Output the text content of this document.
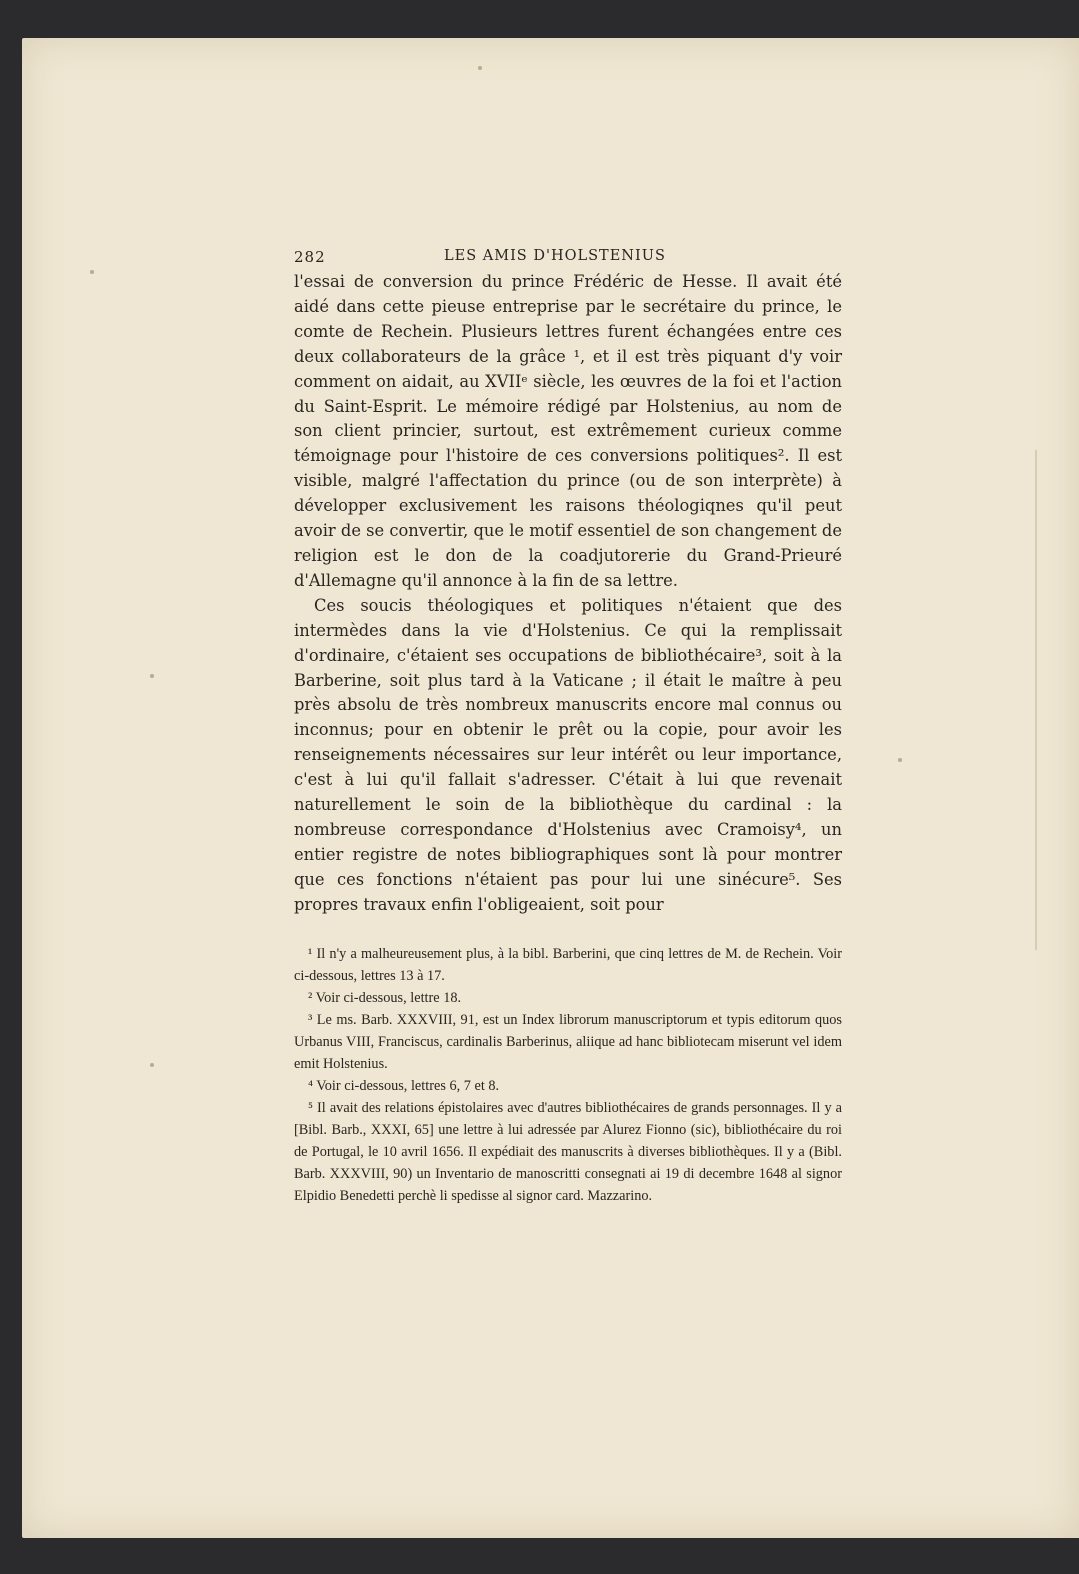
282	LES AMIS D'HOLSTENIUS

l'essai de conversion du prince Frédéric de Hesse. Il avait été aidé dans cette pieuse entreprise par le secrétaire du prince, le comte de Rechein. Plusieurs lettres furent échangées entre ces deux collaborateurs de la grâce ¹, et il est très piquant d'y voir comment on aidait, au XVIIᵉ siècle, les œuvres de la foi et l'action du Saint-Esprit. Le mémoire rédigé par Holstenius, au nom de son client princier, surtout, est extrêmement curieux comme témoignage pour l'histoire de ces conversions politiques². Il est visible, malgré l'affectation du prince (ou de son interprète) à développer exclusivement les raisons théologiqnes qu'il peut avoir de se convertir, que le motif essentiel de son changement de religion est le don de la coadjutorerie du Grand-Prieuré d'Allemagne qu'il annonce à la fin de sa lettre.

Ces soucis théologiques et politiques n'étaient que des intermèdes dans la vie d'Holstenius. Ce qui la remplissait d'ordinaire, c'étaient ses occupations de bibliothécaire³, soit à la Barberine, soit plus tard à la Vaticane ; il était le maître à peu près absolu de très nombreux manuscrits encore mal connus ou inconnus; pour en obtenir le prêt ou la copie, pour avoir les renseignements nécessaires sur leur intérêt ou leur importance, c'est à lui qu'il fallait s'adresser. C'était à lui que revenait naturellement le soin de la bibliothèque du cardinal : la nombreuse correspondance d'Holstenius avec Cramoisy⁴, un entier registre de notes bibliographiques sont là pour montrer que ces fonctions n'étaient pas pour lui une sinécure⁵. Ses propres travaux enfin l'obligeaient, soit pour

¹ Il n'y a malheureusement plus, à la bibl. Barberini, que cinq lettres de M. de Rechein. Voir ci-dessous, lettres 13 à 17.

² Voir ci-dessous, lettre 18.

³ Le ms. Barb. XXXVIII, 91, est un Index librorum manuscriptorum et typis editorum quos Urbanus VIII, Franciscus, cardinalis Barberinus, aliique ad hanc bibliotecam miserunt vel idem emit Holstenius.

⁴ Voir ci-dessous, lettres 6, 7 et 8.

⁵ Il avait des relations épistolaires avec d'autres bibliothécaires de grands personnages. Il y a [Bibl. Barb., XXXI, 65] une lettre à lui adressée par Alurez Fionno (sic), bibliothécaire du roi de Portugal, le 10 avril 1656. Il expédiait des manuscrits à diverses bibliothèques. Il y a (Bibl. Barb. XXXVIII, 90) un Inventario de manoscritti consegnati ai 19 di decembre 1648 al signor Elpidio Benedetti perchè li spedisse al signor card. Mazzarino.
